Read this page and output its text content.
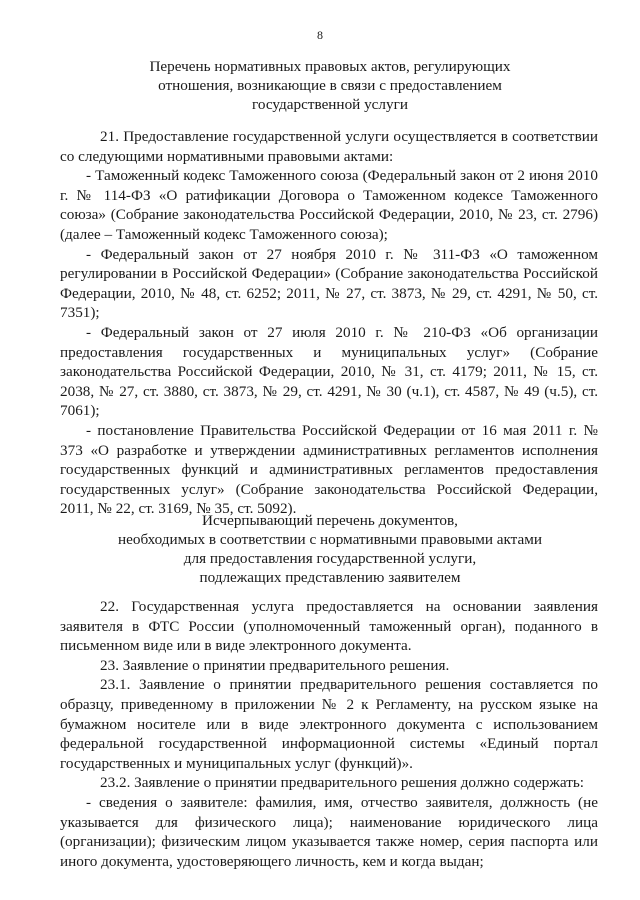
8
Перечень нормативных правовых актов, регулирующих
отношения, возникающие в связи с предоставлением
государственной услуги

21. Предоставление государственной услуги осуществляется в соответствии со следующими нормативными правовыми актами:

- Таможенный кодекс Таможенного союза (Федеральный закон от 2 июня 2010 г. № 114-ФЗ «О ратификации Договора о Таможенном кодексе Таможенного союза» (Собрание законодательства Российской Федерации, 2010, № 23, ст. 2796) (далее – Таможенный кодекс Таможенного союза);

- Федеральный закон от 27 ноября 2010 г. № 311-ФЗ «О таможенном регулировании в Российской Федерации» (Собрание законодательства Российской Федерации, 2010, № 48, ст. 6252; 2011, № 27, ст. 3873, № 29, ст. 4291, № 50, ст. 7351);

- Федеральный закон от 27 июля 2010 г. № 210-ФЗ «Об организации предоставления государственных и муниципальных услуг» (Собрание законодательства Российской Федерации, 2010, № 31, ст. 4179; 2011, № 15, ст. 2038, № 27, ст. 3880, ст. 3873, № 29, ст. 4291, № 30 (ч.1), ст. 4587, № 49 (ч.5), ст. 7061);

- постановление Правительства Российской Федерации от 16 мая 2011 г. № 373 «О разработке и утверждении административных регламентов исполнения государственных функций и административных регламентов предоставления государственных услуг» (Собрание законодательства Российской Федерации, 2011, № 22, ст. 3169, № 35, ст. 5092).

Исчерпывающий перечень документов,
необходимых в соответствии с нормативными правовыми актами
для предоставления государственной услуги,
подлежащих представлению заявителем

22. Государственная услуга предоставляется на основании заявления заявителя в ФТС России (уполномоченный таможенный орган), поданного в письменном виде или в виде электронного документа.

23. Заявление о принятии предварительного решения.

23.1. Заявление о принятии предварительного решения составляется по образцу, приведенному в приложении № 2 к Регламенту, на русском языке на бумажном носителе или в виде электронного документа с использованием федеральной государственной информационной системы «Единый портал государственных и муниципальных услуг (функций)».

23.2. Заявление о принятии предварительного решения должно содержать:

- сведения о заявителе: фамилия, имя, отчество заявителя, должность (не указывается для физического лица); наименование юридического лица (организации); физическим лицом указывается также номер, серия паспорта или иного документа, удостоверяющего личность, кем и когда выдан;
